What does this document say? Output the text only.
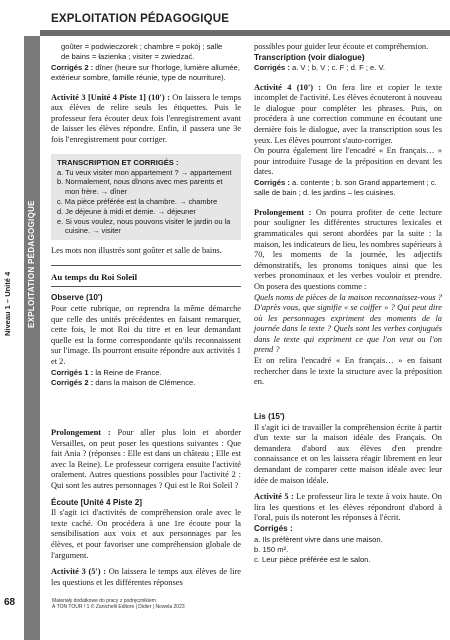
EXPLOITATION PÉDAGOGIQUE
Niveau 1 – Unité 4 EXPLOITATION PÉDAGOGIQUE

goûter = podwieczorek ; chambre = pokój ; salle

de bains = łazienka ; visiter = zwiedzać.

Corrigés 2 : dîner (heure sur l'horloge, lumière allumée, extérieur sombre, famille réunie, type de nourriture).

Activité 3 [Unité 4 Piste 1] (10') : On laissera le temps aux élèves de relire seuls les étiquettes. Puis le professeur fera écouter deux fois l'enregistrement avant de laisser les élèves répondre. Enfin, il passera une 3e fois l'enregistrement pour corriger.

TRANSCRIPTION ET CORRIGÉS :
a. Tu veux visiter mon appartement ? → appartement
b. Normalement, nous dînons avec mes parents et mon frère. → dîner
c. Ma pièce préférée est la chambre. → chambre
d. Je déjeune à midi et demie. → déjeuner
e. Si vous voulez, nous pouvons visiter le jardin ou la cuisine. → visiter

Les mots non illustrés sont goûter et salle de bains.

Au temps du Roi Soleil

Observe (10')

Pour cette rubrique, on reprendra la même démarche que celle des unités précédentes en faisant remarquer, cette fois, le mot Roi du titre et en leur demandant quelle est la forme correspondante qu'ils reconnaissent sur l'image. Ils pourront ensuite répondre aux activités 1 et 2.

Corrigés 1 : la Reine de France.

Corrigés 2 : dans la maison de Clémence.

Prolongement : Pour aller plus loin et aborder Versailles, on peut poser les questions suivantes : Que fait Ania ? (réponses : Elle est dans un château ; Elle est avec la Reine). Le professeur corrigera ensuite l'activité oralement. Autres questions possibles pour l'activité 2 : Qui sont les autres personnages ? Qui est le Roi Soleil ?

Écoute [Unité 4 Piste 2]

Il s'agit ici d'activités de compréhension orale avec le texte caché. On procédera à une 1re écoute pour la sensibilisation aux voix et aux personnages par les élèves, et pour favoriser une compréhension globale de l'argument.

Activité 3 (5') : On laissera le temps aux élèves de lire les questions et les différentes réponses

possibles pour guider leur écoute et compréhension.

Transcription (voir dialogue)

Corrigés : a. V ; b. V ; c. F ; d. F ; e. V.

Activité 4 (10') : On fera lire et copier le texte incomplet de l'activité. Les élèves écouteront à nouveau le dialogue pour compléter les phrases. Puis, on procédera à une correction commune en écoutant une dernière fois le dialogue, avec la transcription sous les yeux. Les élèves pourront s'auto-corriger.

On pourra également lire l'encadré « En français… » pour introduire l'usage de la préposition en devant les dates.

Corrigés : a. contente ; b. son Grand appartement ; c. salle de bain ; d. les jardins – les cuisines.

Prolongement : On pourra profiter de cette lecture pour souligner les différentes structures lexicales et grammaticales qui seront abordées par la suite : la maison, les indicateurs de lieu, les nombres supérieurs à 70, les moments de la journée, les adjectifs démonstratifs, les pronoms toniques ainsi que les verbes pronominaux et les verbes vouloir et prendre. On posera des questions comme :

Quels noms de pièces de la maison reconnaissez-vous ? D'après vous, que signifie « se coiffer » ? Qui peut dire où les personnages expriment des moments de la journée dans le texte ? Quels sont les verbes conjugués dans le texte qui expriment ce que l'on veut ou l'on prend ?

Et on relira l'encadré « En français… » en faisant rechercher dans le texte la structure avec la préposition en.

Lis (15')

Il s'agit ici de travailler la compréhension écrite à partir d'un texte sur la maison idéale des Français. On demandera d'abord aux élèves d'en prendre connaissance et on les laissera réagir librement en leur demandant de comparer cette maison idéale avec leur idée de maison idéale.

Activité 5 : Le professeur lira le texte à voix haute. On lira les questions et les élèves répondront d'abord à l'oral, puis ils noteront les réponses à l'écrit.

Corrigés :

a. Ils préfèrent vivre dans une maison.

b. 150 m².

c. Leur pièce préférée est le salon.

68	Materiały dodatkowe do pracy z podręcznikiem
À TON TOUR ! 1 © Zanichelli Editore | Didier | Nowela 2023
